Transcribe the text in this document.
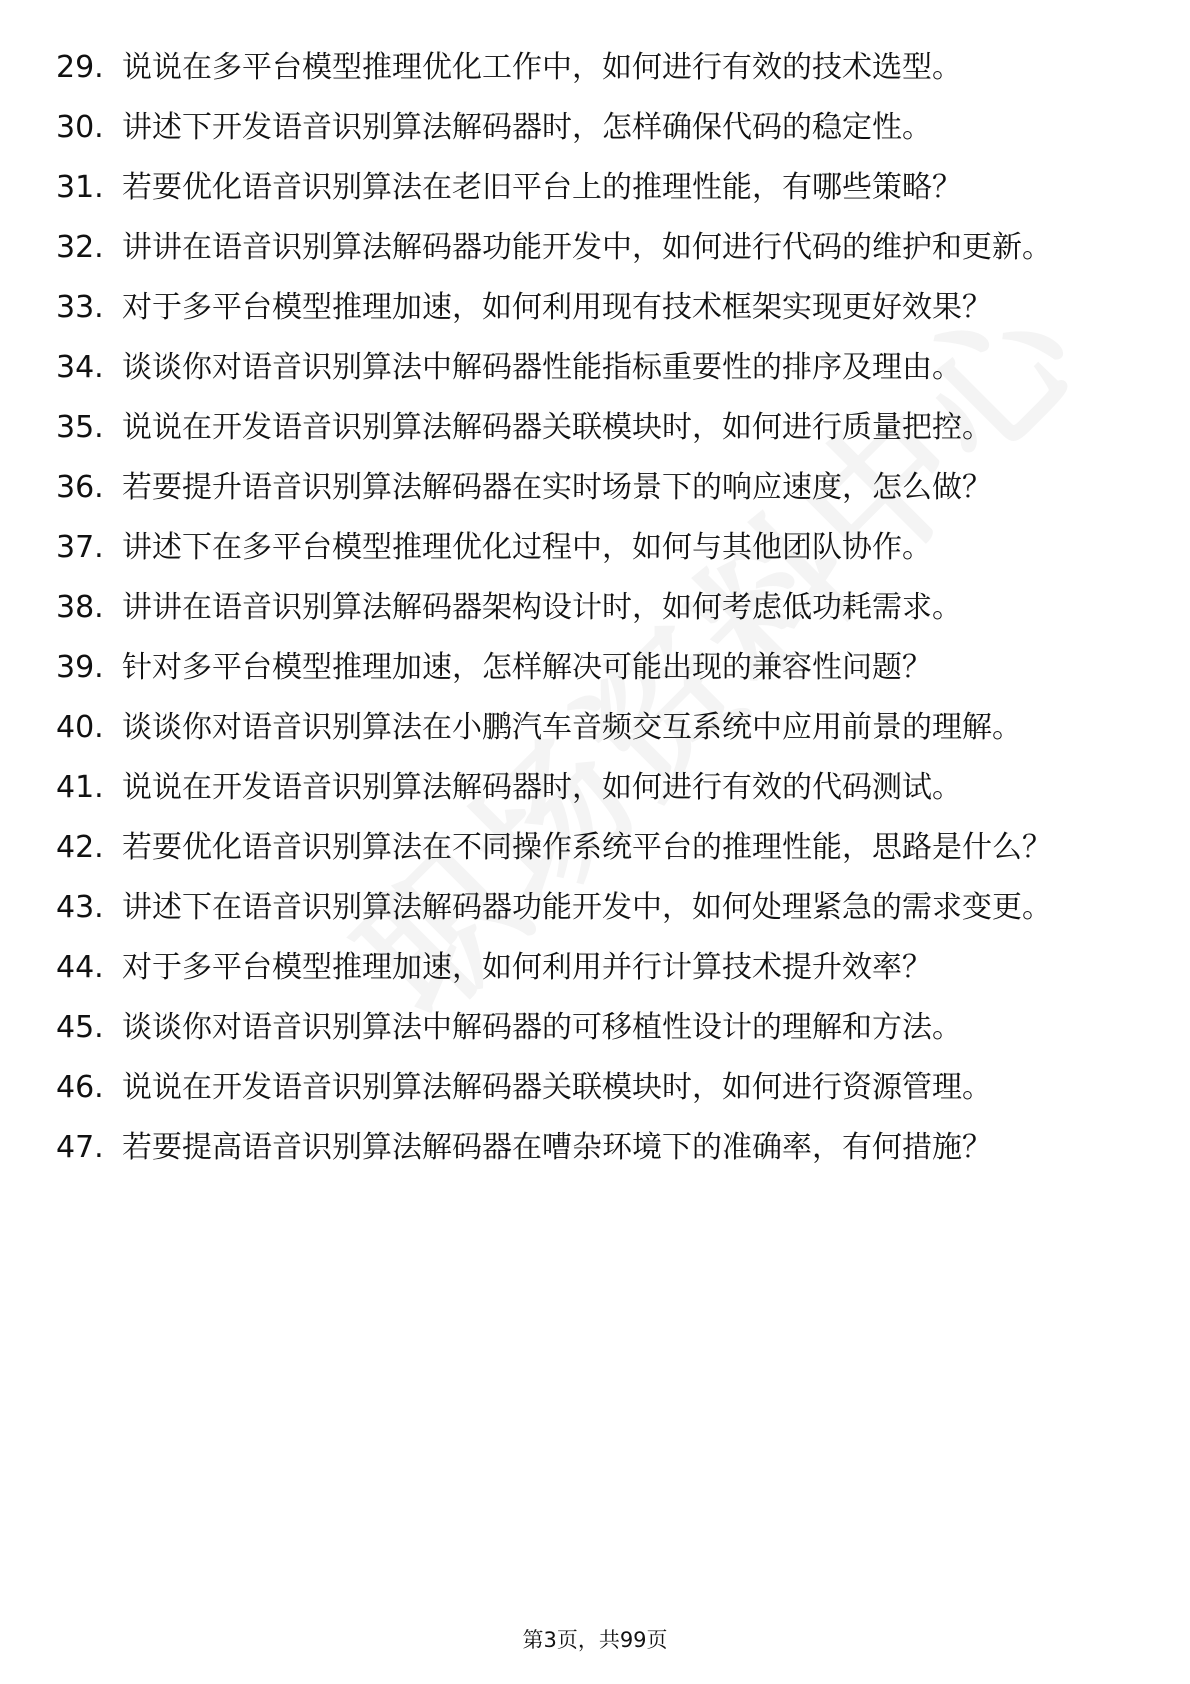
29. 说说在多平台模型推理优化工作中，如何进行有效的技术选型。
30. 讲述下开发语音识别算法解码器时，怎样确保代码的稳定性。
31. 若要优化语音识别算法在老旧平台上的推理性能，有哪些策略？
32. 讲讲在语音识别算法解码器功能开发中，如何进行代码的维护和更新。
33. 对于多平台模型推理加速，如何利用现有技术框架实现更好效果？
34. 谈谈你对语音识别算法中解码器性能指标重要性的排序及理由。
35. 说说在开发语音识别算法解码器关联模块时，如何进行质量把控。
36. 若要提升语音识别算法解码器在实时场景下的响应速度，怎么做？
37. 讲述下在多平台模型推理优化过程中，如何与其他团队协作。
38. 讲讲在语音识别算法解码器架构设计时，如何考虑低功耗需求。
39. 针对多平台模型推理加速，怎样解决可能出现的兼容性问题？
40. 谈谈你对语音识别算法在小鹏汽车音频交互系统中应用前景的理解。
41. 说说在开发语音识别算法解码器时，如何进行有效的代码测试。
42. 若要优化语音识别算法在不同操作系统平台的推理性能，思路是什么？
43. 讲述下在语音识别算法解码器功能开发中，如何处理紧急的需求变更。
44. 对于多平台模型推理加速，如何利用并行计算技术提升效率？
45. 谈谈你对语音识别算法中解码器的可移植性设计的理解和方法。
46. 说说在开发语音识别算法解码器关联模块时，如何进行资源管理。
47. 若要提高语音识别算法解码器在嘈杂环境下的准确率，有何措施？
第3页，共99页
